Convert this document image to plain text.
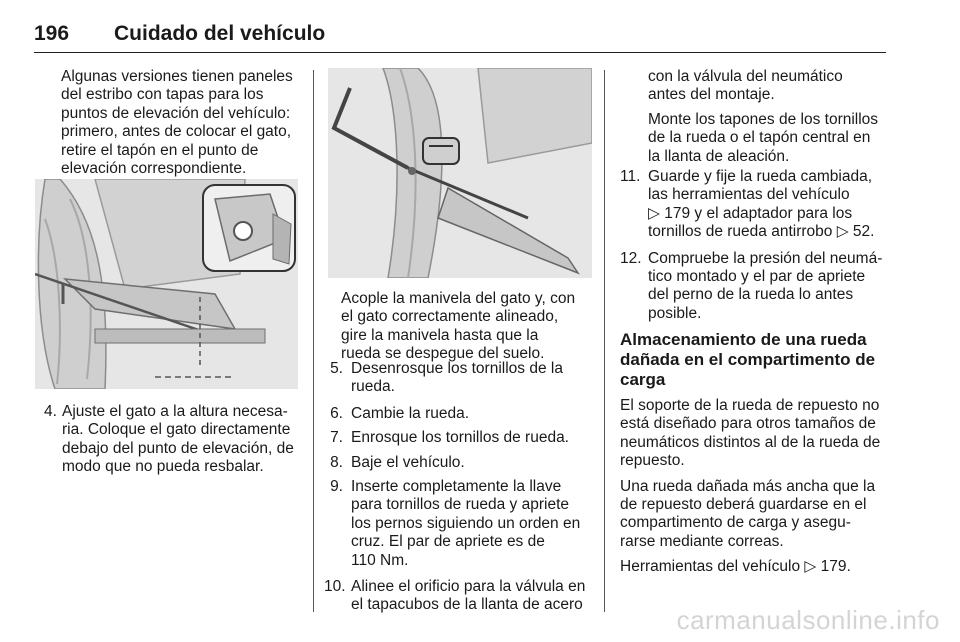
196 Cuidado del vehículo
Algunas versiones tienen paneles
del estribo con tapas para los
puntos de elevación del vehículo:
primero, antes de colocar el gato,
retire el tapón en el punto de
elevación correspondiente.
4. Ajuste el gato a la altura necesa-
ria. Coloque el gato directamente
debajo del punto de elevación, de
modo que no pueda resbalar.
Acople la manivela del gato y, con
el gato correctamente alineado,
gire la manivela hasta que la
rueda se despegue del suelo.
5. Desenrosque los tornillos de la
rueda.
6. Cambie la rueda.
7. Enrosque los tornillos de rueda.
8. Baje el vehículo.
9. Inserte completamente la llave
para tornillos de rueda y apriete
los pernos siguiendo un orden en
cruz. El par de apriete es de
110 Nm.
10. Alinee el orificio para la válvula en
el tapacubos de la llanta de acero
con la válvula del neumático
antes del montaje.
Monte los tapones de los tornillos
de la rueda o el tapón central en
la llanta de aleación.
11. Guarde y fije la rueda cambiada,
las herramientas del vehículo
▷ 179 y el adaptador para los
tornillos de rueda antirrobo ▷ 52.
12. Compruebe la presión del neumá-
tico montado y el par de apriete
del perno de la rueda lo antes
posible.
Almacenamiento de una rueda
dañada en el compartimento de
carga
El soporte de la rueda de repuesto no
está diseñado para otros tamaños de
neumáticos distintos al de la rueda de
repuesto.
Una rueda dañada más ancha que la
de repuesto deberá guardarse en el
compartimento de carga y asegu-
rarse mediante correas.
Herramientas del vehículo ▷ 179.
carmanualsonline.info
